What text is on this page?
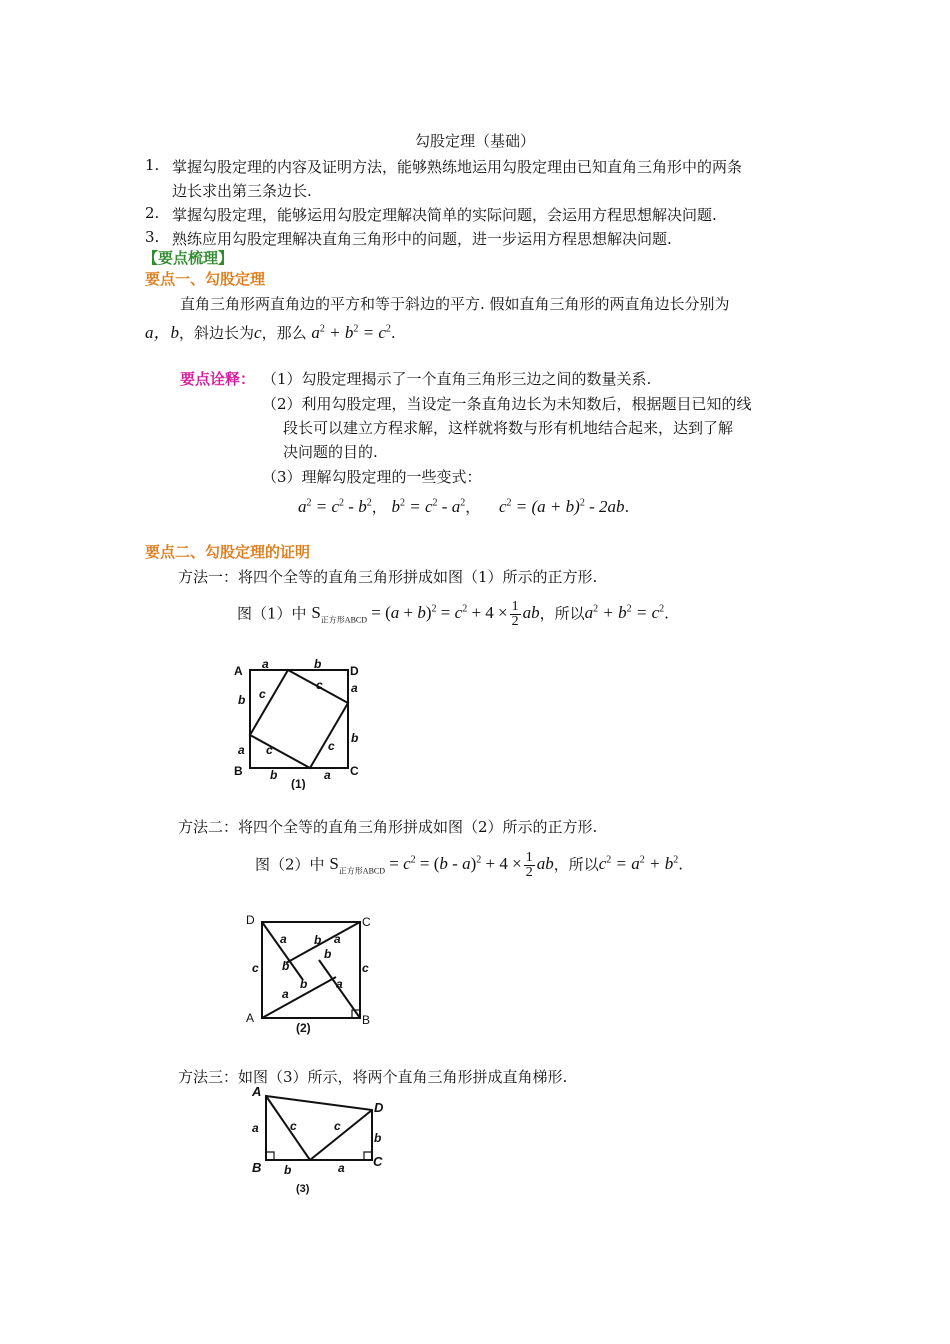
勾股定理（基础）
1. 掌握勾股定理的内容及证明方法，能够熟练地运用勾股定理由已知直角三角形中的两条
边长求出第三条边长.
2. 掌握勾股定理，能够运用勾股定理解决简单的实际问题，会运用方程思想解决问题.
3. 熟练应用勾股定理解决直角三角形中的问题，进一步运用方程思想解决问题.
【要点梳理】
要点一、勾股定理
直角三角形两直角边的平方和等于斜边的平方. 假如直角三角形的两直角边长分别为
a，b，斜边长为c，那么 $a^2 + b^2 = c^2$.
要点诠释： （1）勾股定理揭示了一个直角三角形三边之间的数量关系.
（2）利用勾股定理，当设定一条直角边长为未知数后，根据题目已知的线
段长可以建立方程求解，这样就将数与形有机地结合起来，达到了解
决问题的目的.
（3）理解勾股定理的一些变式：
$a^2 = c^2 - b^2$， $b^2 = c^2 - a^2$， $c^2 = (a + b)^2 - 2ab$.
要点二、勾股定理的证明
方法一：将四个全等的直角三角形拼成如图（1）所示的正方形.
图（1）中 $S_{正方形ABCD} = (a + b)^2 = c^2 + 4 \times \frac{1}{2}$ ab，所以$a^2 + b^2 = c^2$.
A	D
B	C
a	b
b
a
a
b
b	a
c
c
c
c
(1)
方法二：将四个全等的直角三角形拼成如图（2）所示的正方形.
图（2）中 $S_{正方形ABCD} = c^2 = (b - a)^2 + 4 \times \frac{1}{2}$ ab，所以$c^2 = a^2 + b^2$.
D	C
A	B
a b a
b
b
b a
a
c	c
(2)
方法三：如图（3）所示，将两个直角三角形拼成直角梯形.
A
D
B	C
a	c	c
b
b	a
(3)
